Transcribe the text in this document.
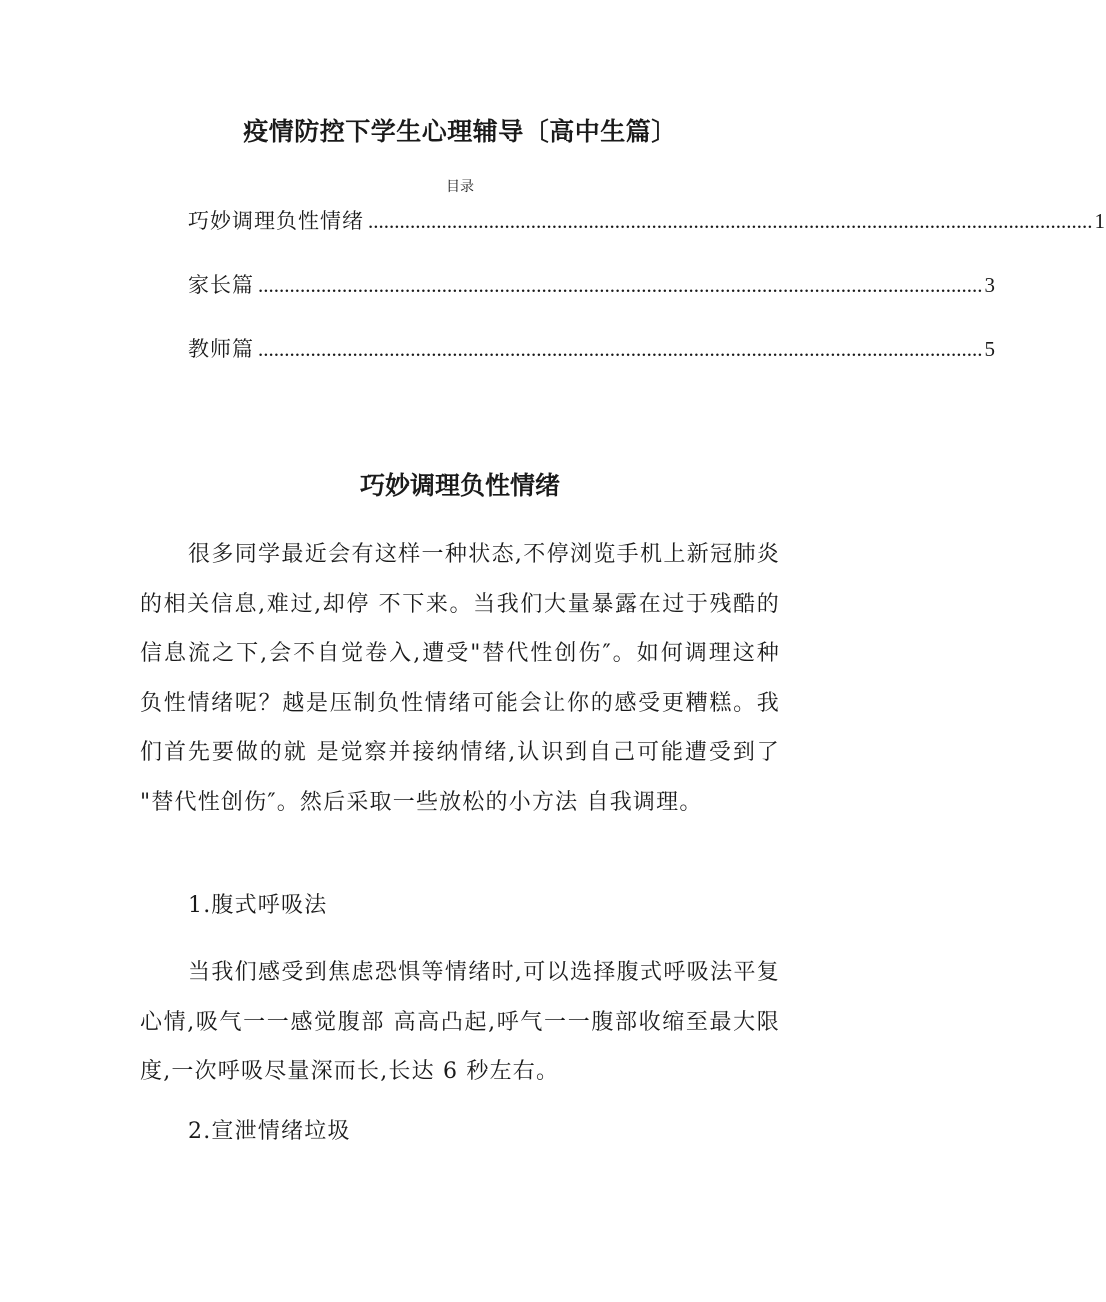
疫情防控下学生心理辅导〔高中生篇〕
目录
巧妙调理负性情绪 .......................................................................................................................................... 1
家长篇 .......................................................................................................................................... 3
教师篇 .......................................................................................................................................... 5
巧妙调理负性情绪

很多同学最近会有这样一种状态,不停浏览手机上新冠肺炎的相关信息,难过,却停 不下来。当我们大量暴露在过于残酷的信息流之下,会不自觉卷入,遭受"替代性创伤″。如何调理这种负性情绪呢？越是压制负性情绪可能会让你的感受更糟糕。我们首先要做的就 是觉察并接纳情绪,认识到自己可能遭受到了 "替代性创伤″。然后采取一些放松的小方法 自我调理。

1.腹式呼吸法

当我们感受到焦虑恐惧等情绪时,可以选择腹式呼吸法平复心情,吸气一一感觉腹部 高高凸起,呼气一一腹部收缩至最大限度,一次呼吸尽量深而长,长达 6 秒左右。

2.宣泄情绪垃圾
